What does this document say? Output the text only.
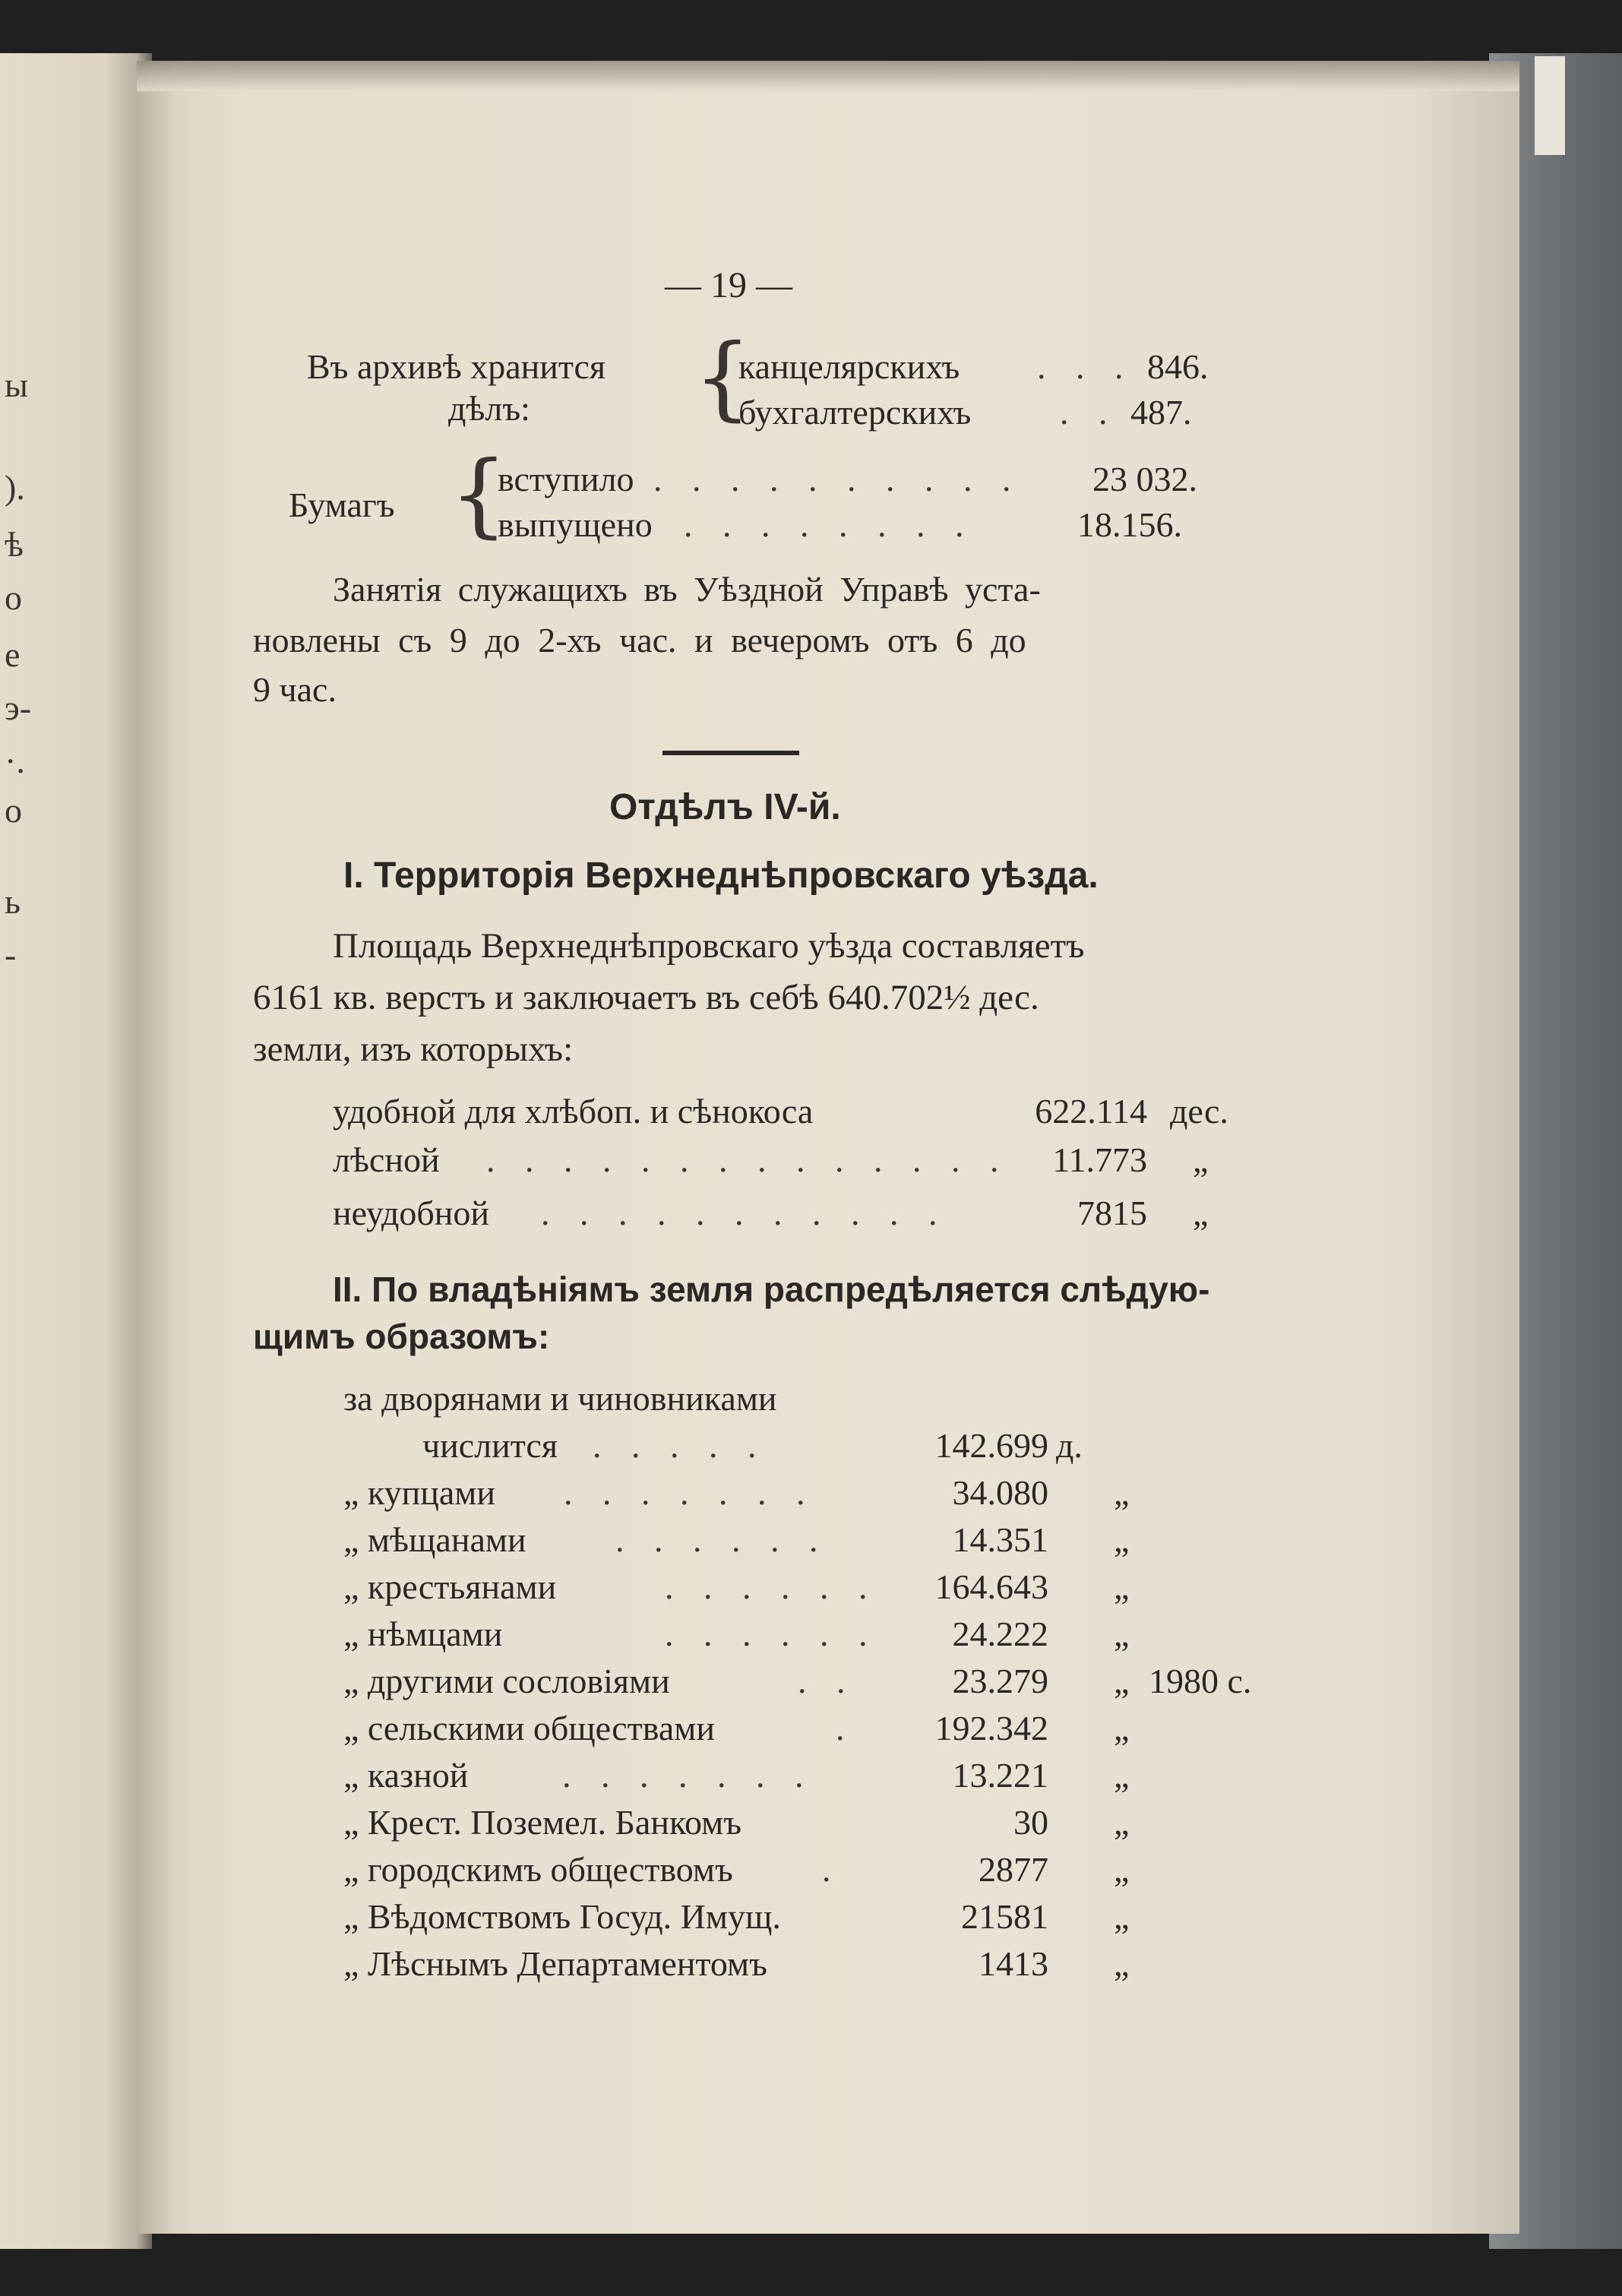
ы
).
ѣ
о
е
э-
·.
о
ь
-
— 19 —
Въ архивѣ хранится
дѣлъ: {
канцелярскихъ . . . 846.
бухгалтерскихъ	. . 487.
Бумагъ {
вступило . . . . . . . . . . 23 032.
выпущено . . . . . . . .	18.156.
Занятія служащихъ въ Уѣздной Управѣ уста-
новлены съ 9 до 2-хъ час. и вечеромъ отъ 6 до
9 час.
Отдѣлъ IV-й.
I. Территорія Верхнеднѣпровскаго уѣзда.
Площадь Верхнеднѣпровскаго уѣзда составляетъ
6161 кв. верстъ и заключаетъ въ себѣ 640.702½ дес.
земли, изъ которыхъ:
удобной для хлѣбоп. и сѣнокоса	622.114 дес.
лѣсной . . . . . . . . . . . . . .	11.773 „
неудобной . . . . . . . . . . .	7815 „
II. По владѣніямъ земля распредѣляется слѣдую-
щимъ образомъ:
за дворянами и чиновниками
числится . . . . .	142.699 д.
„ купцами . . . . . . .	34.080 „
„ мѣщанами	. . . . . .	14.351 „
„ крестьянами	. . . . . .	164.643 „
„ нѣмцами	. . . . . .	24.222 „
„ другими сословіями	. .	23.279 „ 1980 с.
„ сельскими обществами	.	192.342 „
„ казной	. . . . . . .	13.221 „
„ Крест. Поземел. Банкомъ	30 „
„ городскимъ обществомъ	.	2877 „
„ Вѣдомствомъ Госуд. Имущ.	21581 „
„ Лѣснымъ Департаментомъ	1413 „
